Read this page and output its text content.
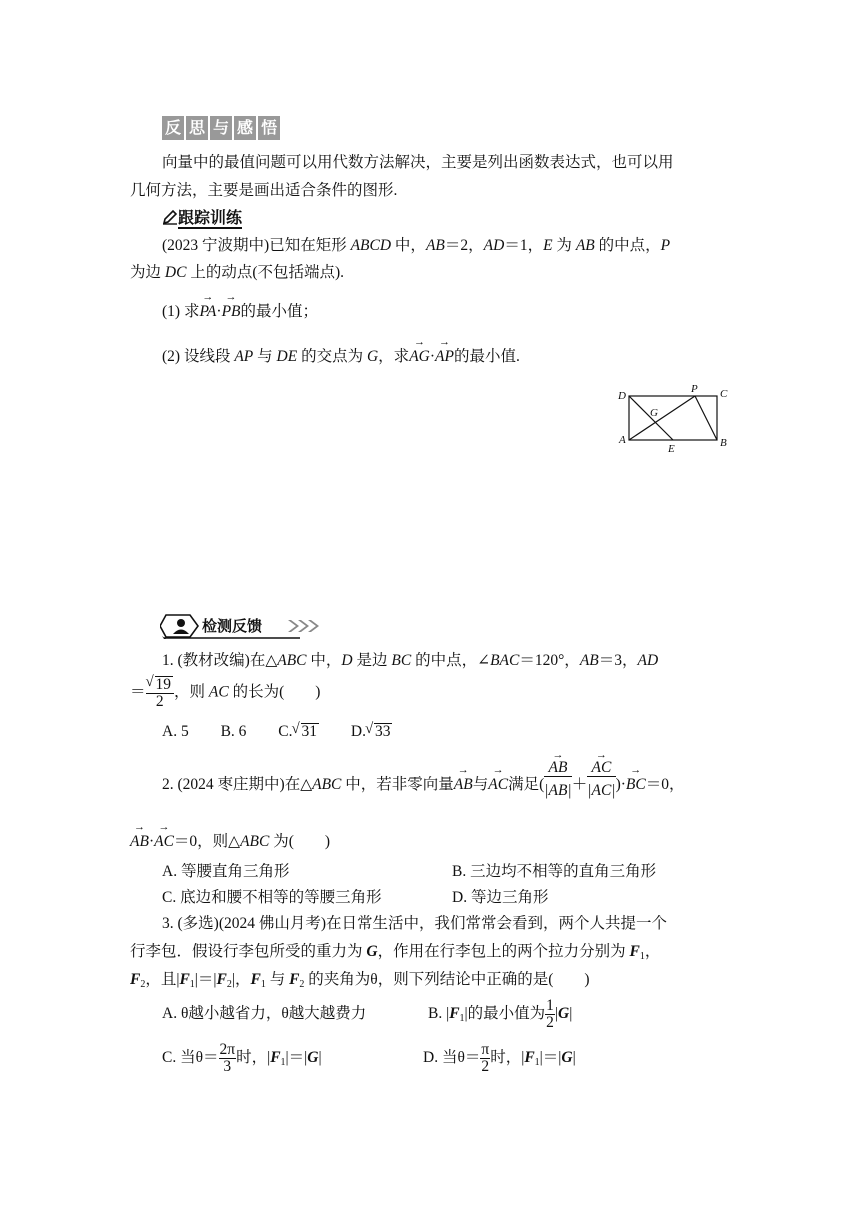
反 思 与 感 悟
向量中的最值问题可以用代数方法解决，主要是列出函数表达式，也可以用
几何方法，主要是画出适合条件的图形.
跟踪训练
(2023 宁波期中)已知在矩形 ABCD 中，AB＝2，AD＝1，E 为 AB 的中点，P
为边 DC 上的动点(不包括端点).
(1) 求→ PA·→ PB的最小值；
(2) 设线段 AP 与 DE 的交点为 G，求→ AG·→ AP的最小值.
D
P C
G
A
E	B
检测反馈
1. (教材改编)在△ABC 中，D 是边 BC 的中点，∠BAC＝120°，AB＝3，AD
＝ √ $\frac{19}{2}$ ，则 AC 的长为(　　)
A. 5 B. 6 C. √ 31 D. √ 33
2. (2024 枣庄期中)在△ABC 中，若非零向量→ AB与→ AC满足( → $\frac{AB}{|AB|}$ ＋ → $\frac{AC}{|AC|}$ )·→ BC＝0，
→ AB·→ AC＝0，则△ABC 为(　　)
A. 等腰直角三角形	B. 三边均不相等的直角三角形
C. 底边和腰不相等的等腰三角形	D. 等边三角形
3. (多选)(2024 佛山月考)在日常生活中，我们常常会看到，两个人共提一个
行李包．假设行李包所受的重力为 G，作用在行李包上的两个拉力分别为 $F_1$，
$F_2$，且$|F_1|=|F_2|$，$F_1$ 与 $F_2$ 的夹角为θ，则下列结论中正确的是(　　)
A. θ越小越省力，θ越大越费力	B. $|F_1|$的最小值为 $\frac{1}{2} |G|$
C. 当$\theta= \frac{2\pi}{3}$ 时，$|F_1|=|G|$	D. 当$\theta= \frac{\pi}{2}$ 时，$|F_1|=|G|$
